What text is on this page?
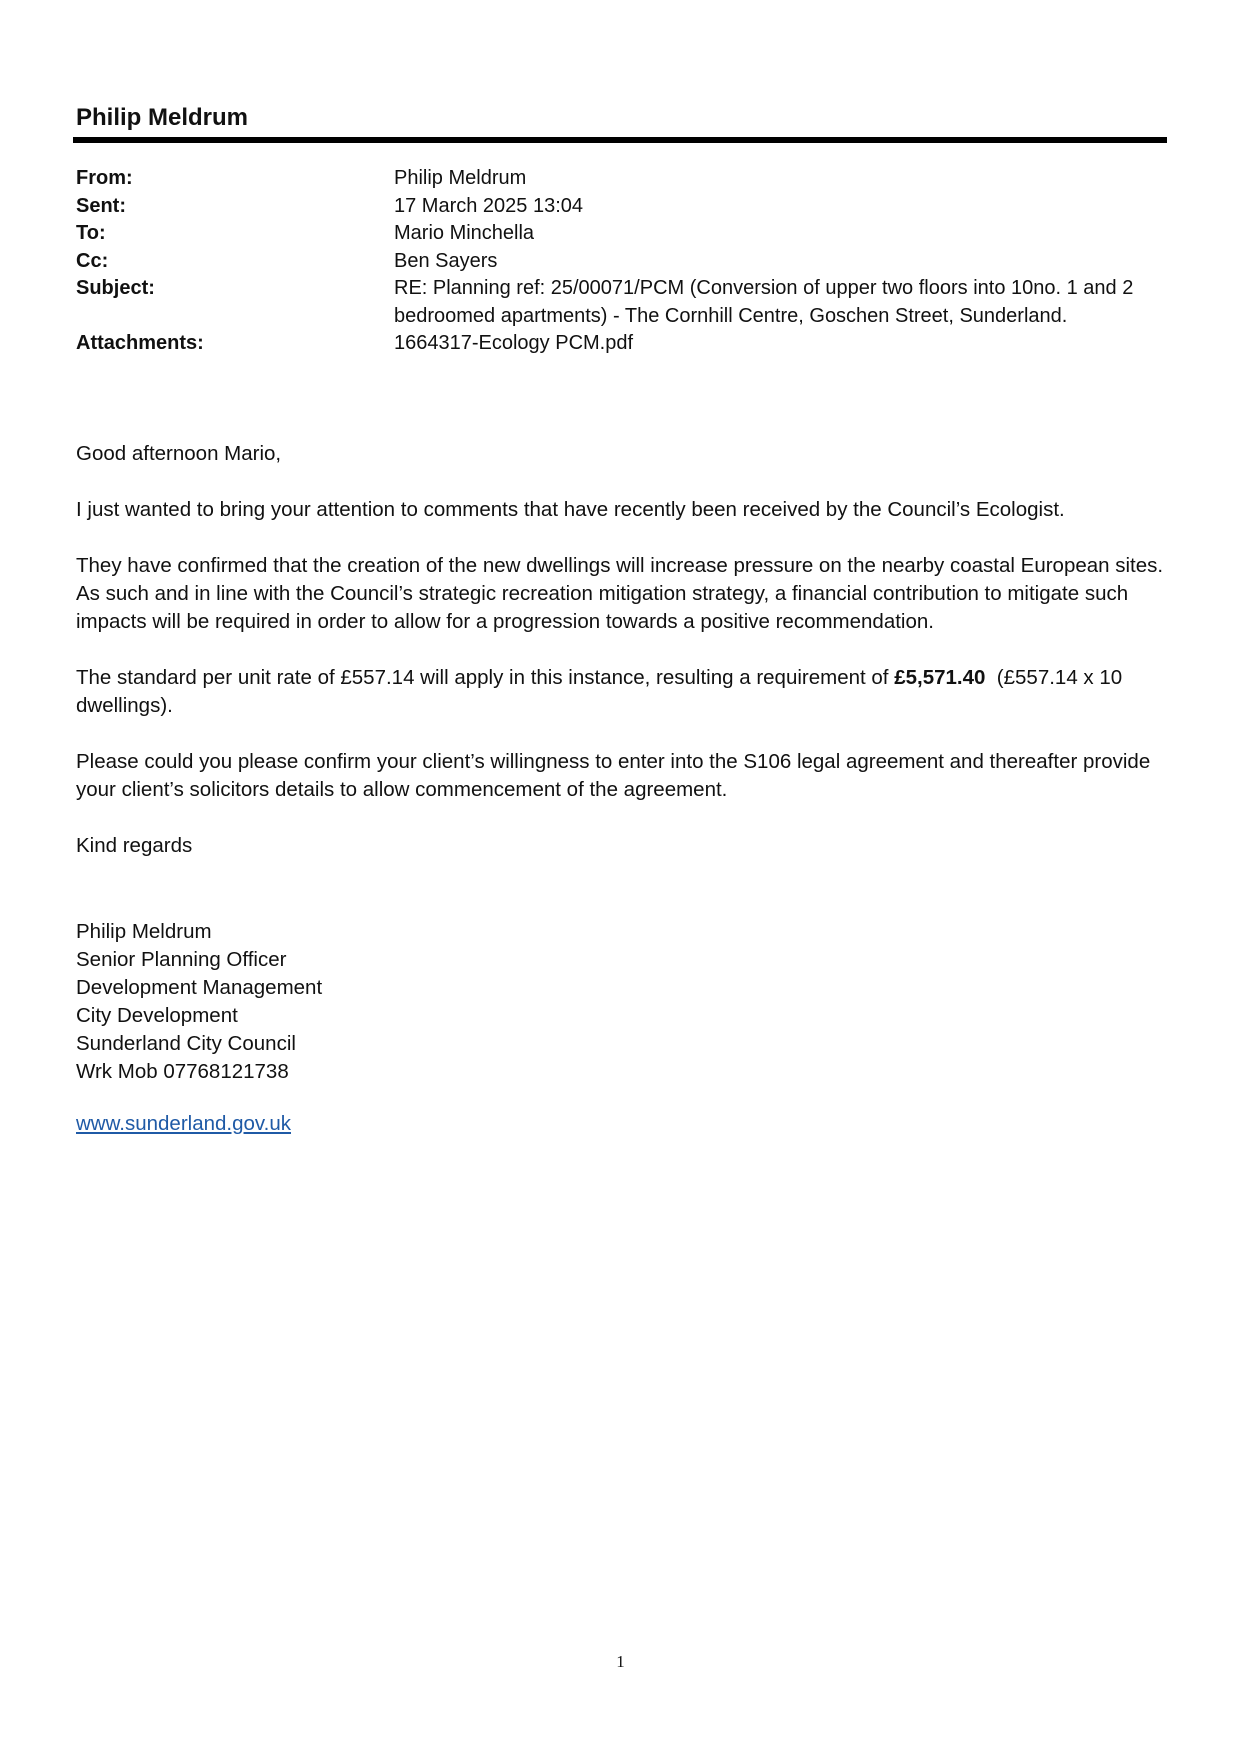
Philip Meldrum
From:	Philip Meldrum
Sent:	17 March 2025 13:04
To:	Mario Minchella
Cc:	Ben Sayers
Subject:	RE: Planning ref: 25/00071/PCM (Conversion of upper two floors into 10no. 1 and 2 bedroomed apartments) - The Cornhill Centre, Goschen Street, Sunderland.
Attachments:	1664317-Ecology PCM.pdf

Good afternoon Mario,

I just wanted to bring your attention to comments that have recently been received by the Council’s Ecologist.

They have confirmed that the creation of the new dwellings will increase pressure on the nearby coastal European sites. As such and in line with the Council’s strategic recreation mitigation strategy, a financial contribution to mitigate such impacts will be required in order to allow for a progression towards a positive recommendation.

The standard per unit rate of £557.14 will apply in this instance, resulting a requirement of £5,571.40  (£557.14 x 10 dwellings).

Please could you please confirm your client’s willingness to enter into the S106 legal agreement and thereafter provide your client’s solicitors details to allow commencement of the agreement.

Kind regards

Philip Meldrum
Senior Planning Officer
Development Management
City Development
Sunderland City Council
Wrk Mob 07768121738
www.sunderland.gov.uk
1
